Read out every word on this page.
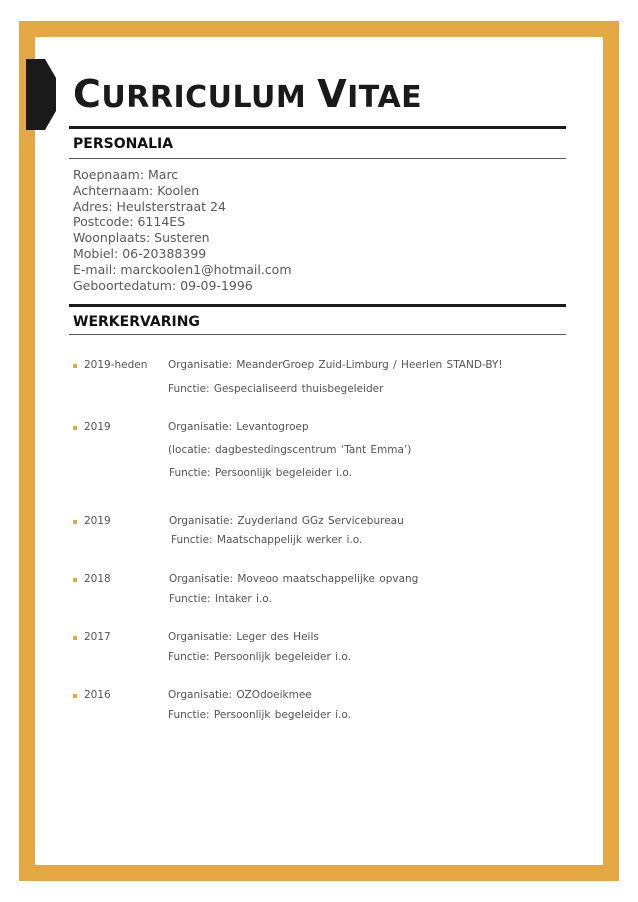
CURRICULUM VITAE
PERSONALIA
Roepnaam: Marc
Achternaam: Koolen
Adres: Heulsterstraat 24
Postcode: 6114ES
Woonplaats: Susteren
Mobiel: 06-20388399
E-mail: marckoolen1@hotmail.com
Geboortedatum: 09-09-1996
WERKERVARING
2019-heden Organisatie: MeanderGroep Zuid-Limburg / Heerlen STAND-BY!
Functie: Gespecialiseerd thuisbegeleider
2019	Organisatie: Levantogroep
(locatie: dagbestedingscentrum ‘Tant Emma’)
Functie: Persoonlijk begeleider i.o.
2019	Organisatie: Zuyderland GGz Servicebureau
Functie: Maatschappelijk werker i.o.
2018	Organisatie: Moveoo maatschappelijke opvang
Functie: Intaker i.o.
2017	Organisatie: Leger des Heils
Functie: Persoonlijk begeleider i.o.
2016	Organisatie: OZOdoeikmee
Functie: Persoonlijk begeleider i.o.
